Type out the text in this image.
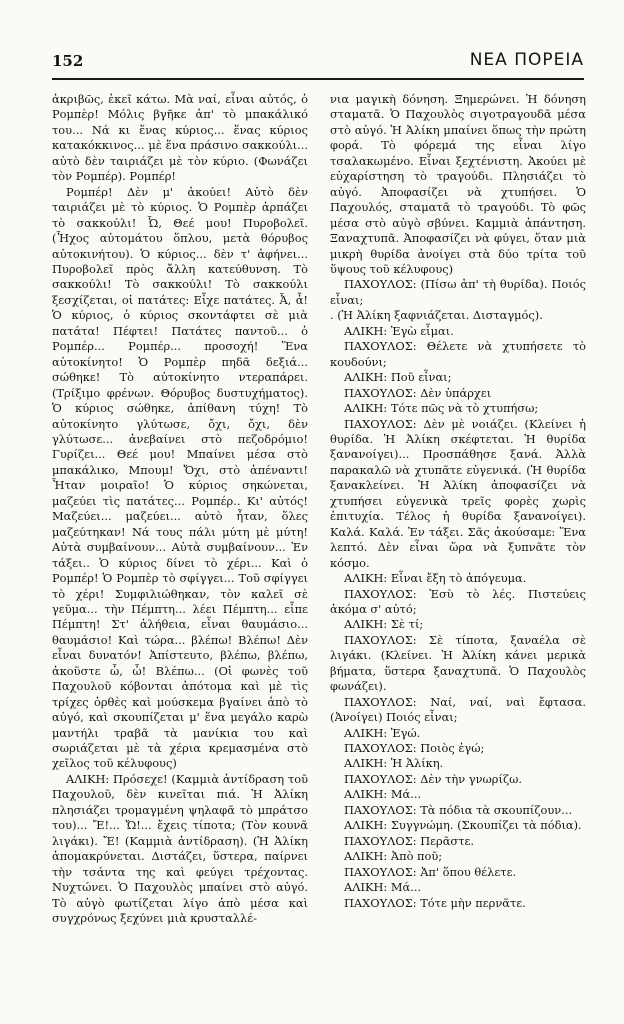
152	ΝΕΑ ΠΟΡΕΙΑ

ἀκριβῶς, ἐκεῖ κάτω. Μὰ ναί, εἶναι αὐτός, ὁ Ρομπὲρ! Μόλις βγῆκε ἀπ' τὸ μπακάλικό του... Νά κι ἕνας κύριος... ἕνας κύριος κατακόκκινος... μὲ ἕνα πράσινο σακκούλι... αὐτὸ δὲν ταιριάζει μὲ τὸν κύριο. (Φωνάζει τὸν Ρομπέρ). Ρομπέρ!

Ρομπέρ! Δὲν μ' ἀκούει! Αὐτὸ δὲν ταιριάζει μὲ τὸ κύριος. Ὁ Ρομπὲρ ἁρπάζει τὸ σακκούλι! Ὦ, Θεέ μου! Πυροβολεῖ. (Ἦχος αὐτομάτου ὅπλου, μετὰ θόρυβος αὐτοκινήτου). Ὁ κύριος... δὲν τ' ἀφήνει... Πυροβολεῖ πρὸς ἄλλη κατεύθυνση. Τὸ σακκούλι! Τὸ σακκούλι! Τὸ σακκούλι ξεσχίζεται, οἱ πατάτες: Εἶχε πατάτες. Ἆ, ἆ! Ὁ κύριος, ὁ κύριος σκοντάφτει σὲ μιὰ πατάτα! Πέφτει! Πατάτες παντοῦ... ὁ Ρομπέρ... Ρομπέρ... προσοχή! Ἕνα αὐτοκίνητο! Ὁ Ρομπὲρ πηδᾶ δεξιά... σώθηκε! Τὸ αὐτοκίνητο ντεραπάρει. (Τρίξιμο φρένων. Θόρυβος δυστυχήματος). Ὁ κύριος σώθηκε, ἀπίθανη τύχη! Τὸ αὐτοκίνητο γλύτωσε, ὄχι, ὄχι, δὲν γλύτωσε... ἀνεβαίνει στὸ πεζοδρόμιο! Γυρίζει... Θεέ μου! Μπαίνει μέσα στὸ μπακάλικο, Μπουμ! Ὄχι, στὸ ἀπέναντι! Ἦταν μοιραῖο! Ὁ κύριος σηκώνεται, μαζεύει τὶς πατάτες... Ρομπέρ.. Κι' αὐτός! Μαζεύει... μαζεύει... αὐτὸ ἦταν, ὅλες μαζεύτηκαν! Νά τους πάλι μύτη μὲ μύτη! Αὐτὰ συμβαίνουν... Αὐτὰ συμβαίνουν... Ἐν τάξει.. Ὁ κύριος δίνει τὸ χέρι... Καὶ ὁ Ρομπέρ! Ὁ Ρομπὲρ τὸ σφίγγει... Τοῦ σφίγγει τὸ χέρι! Συμφιλιώθηκαν, τὸν καλεῖ σὲ γεῦμα... τὴν Πέμπτη... λέει Πέμπτη... εἶπε Πέμπτη! Στ' ἀλήθεια, εἶναι θαυμάσιο... θαυμάσιο! Καὶ τώρα... βλέπω! Βλέπω! Δὲν εἶναι δυνατόν! Ἀπίστευτο, βλέπω, βλέπω, ἀκοῦστε ὦ, ὦ! Βλέπω... (Οἱ φωνὲς τοῦ Παχουλοῦ κόβονται ἀπότομα καὶ μὲ τὶς τρίχες ὀρθὲς καὶ μούσκεμα βγαίνει ἀπὸ τὸ αὐγό, καὶ σκουπίζεται μ' ἕνα μεγάλο καρὼ μαντήλι τραβᾶ τὰ μανίκια του καὶ σωριάζεται μὲ τὰ χέρια κρεμασμένα στὸ χεῖλος τοῦ κέλυφους)

ΑΛΙΚΗ: Πρόσεχε! (Καμμιὰ ἀντίδραση τοῦ Παχουλοῦ, δὲν κινεῖται πιά. Ἡ Ἀλίκη πλησιάζει τρομαγμένη ψηλαφᾶ τὸ μπράτσο του)... Ἔ!... Ὤ!... ἔχεις τίποτα; (Τὸν κουνᾶ λιγάκι). Ἔ! (Καμμιὰ ἀντίδραση). (Ἡ Ἀλίκη ἀπομακρύνεται. Διστάζει, ὕστερα, παίρνει τὴν τσάντα της καὶ φεύγει τρέχοντας. Νυχτώνει. Ὁ Παχουλὸς μπαίνει στὸ αὐγό. Τὸ αὐγὸ φωτίζεται λίγο ἀπὸ μέσα καὶ συγχρόνως ξεχύνει μιὰ κρυσταλλέ-

νια μαγικὴ δόνηση. Ξημερώνει. Ἡ δόνηση σταματᾶ. Ὁ Παχουλὸς σιγοτραγουδᾶ μέσα στὸ αὐγό. Ἡ Ἀλίκη μπαίνει ὅπως τὴν πρώτη φορά. Τὸ φόρεμά της εἶναι λίγο τσαλακωμένο. Εἶναι ξεχτένιστη. Ἀκούει μὲ εὐχαρίστηση τὸ τραγούδι. Πλησιάζει τὸ αὐγό. Ἀποφασίζει νὰ χτυπήσει. Ὁ Παχουλός, σταματᾶ τὸ τραγούδι. Τὸ φῶς μέσα στὸ αὐγὸ σβύνει. Καμμιὰ ἀπάντηση. Ξαναχτυπᾶ. Ἀποφασίζει νὰ φύγει, ὅταν μιὰ μικρὴ θυρίδα ἀνοίγει στὰ δύο τρίτα τοῦ ὕψους τοῦ κέλυφους)

ΠΑΧΟΥΛΟΣ: (Πίσω ἀπ' τὴ θυρίδα). Ποιός εἶναι;

. (Ἡ Ἀλίκη ξαφνιάζεται. Δισταγμός).

ΑΛΙΚΗ: Ἐγὼ εἶμαι.

ΠΑΧΟΥΛΟΣ: Θέλετε νὰ χτυπήσετε τὸ κουδούνι;

ΑΛΙΚΗ: Ποῦ εἶναι;

ΠΑΧΟΥΛΟΣ: Δὲν ὑπάρχει

ΑΛΙΚΗ: Τότε πῶς νὰ τὸ χτυπήσω;

ΠΑΧΟΥΛΟΣ: Δὲν μὲ νοιάζει. (Κλείνει ἡ θυρίδα. Ἡ Ἀλίκη σκέφτεται. Ἡ θυρίδα ξανανοίγει)... Προσπάθησε ξανά. Ἀλλὰ παρακαλῶ νὰ χτυπᾶτε εὐγενικά. (Ἡ θυρίδα ξανακλείνει. Ἡ Ἀλίκη ἀποφασίζει νὰ χτυπήσει εὐγενικὰ τρεῖς φορὲς χωρὶς ἐπιτυχία. Τέλος ἡ θυρίδα ξανανοίγει). Καλά. Καλά. Ἐν τάξει. Σᾶς ἀκούσαμε: Ἕνα λεπτό. Δὲν εἶναι ὥρα νὰ ξυπνᾶτε τὸν κόσμο.

ΑΛΙΚΗ: Εἶναι ἔξη τὸ ἀπόγευμα.

ΠΑΧΟΥΛΟΣ: Ἐσὺ τὸ λές. Πιστεύεις ἀκόμα σ' αὐτό;

ΑΛΙΚΗ: Σὲ τί;

ΠΑΧΟΥΛΟΣ: Σὲ τίποτα, ξαναέλα σὲ λιγάκι. (Κλείνει. Ἡ Ἀλίκη κάνει μερικὰ βήματα, ὕστερα ξαναχτυπᾶ. Ὁ Παχουλὸς φωνάζει).

ΠΑΧΟΥΛΟΣ: Ναί, ναί, ναὶ ἔφτασα. (Ἀνοίγει) Ποιός εἶναι;

ΑΛΙΚΗ: Ἐγώ.

ΠΑΧΟΥΛΟΣ: Ποιὸς ἐγώ;

ΑΛΙΚΗ: Ἡ Ἀλίκη.

ΠΑΧΟΥΛΟΣ: Δὲν τὴν γνωρίζω.

ΑΛΙΚΗ: Μά...

ΠΑΧΟΥΛΟΣ: Τὰ πόδια τὰ σκουπίζουν...

ΑΛΙΚΗ: Συγγνώμη. (Σκουπίζει τὰ πόδια).

ΠΑΧΟΥΛΟΣ: Περᾶστε.

ΑΛΙΚΗ: Ἀπὸ ποῦ;

ΠΑΧΟΥΛΟΣ: Ἀπ' ὅπου θέλετε.

ΑΛΙΚΗ: Μά...

ΠΑΧΟΥΛΟΣ: Τότε μὴν περνᾶτε.
